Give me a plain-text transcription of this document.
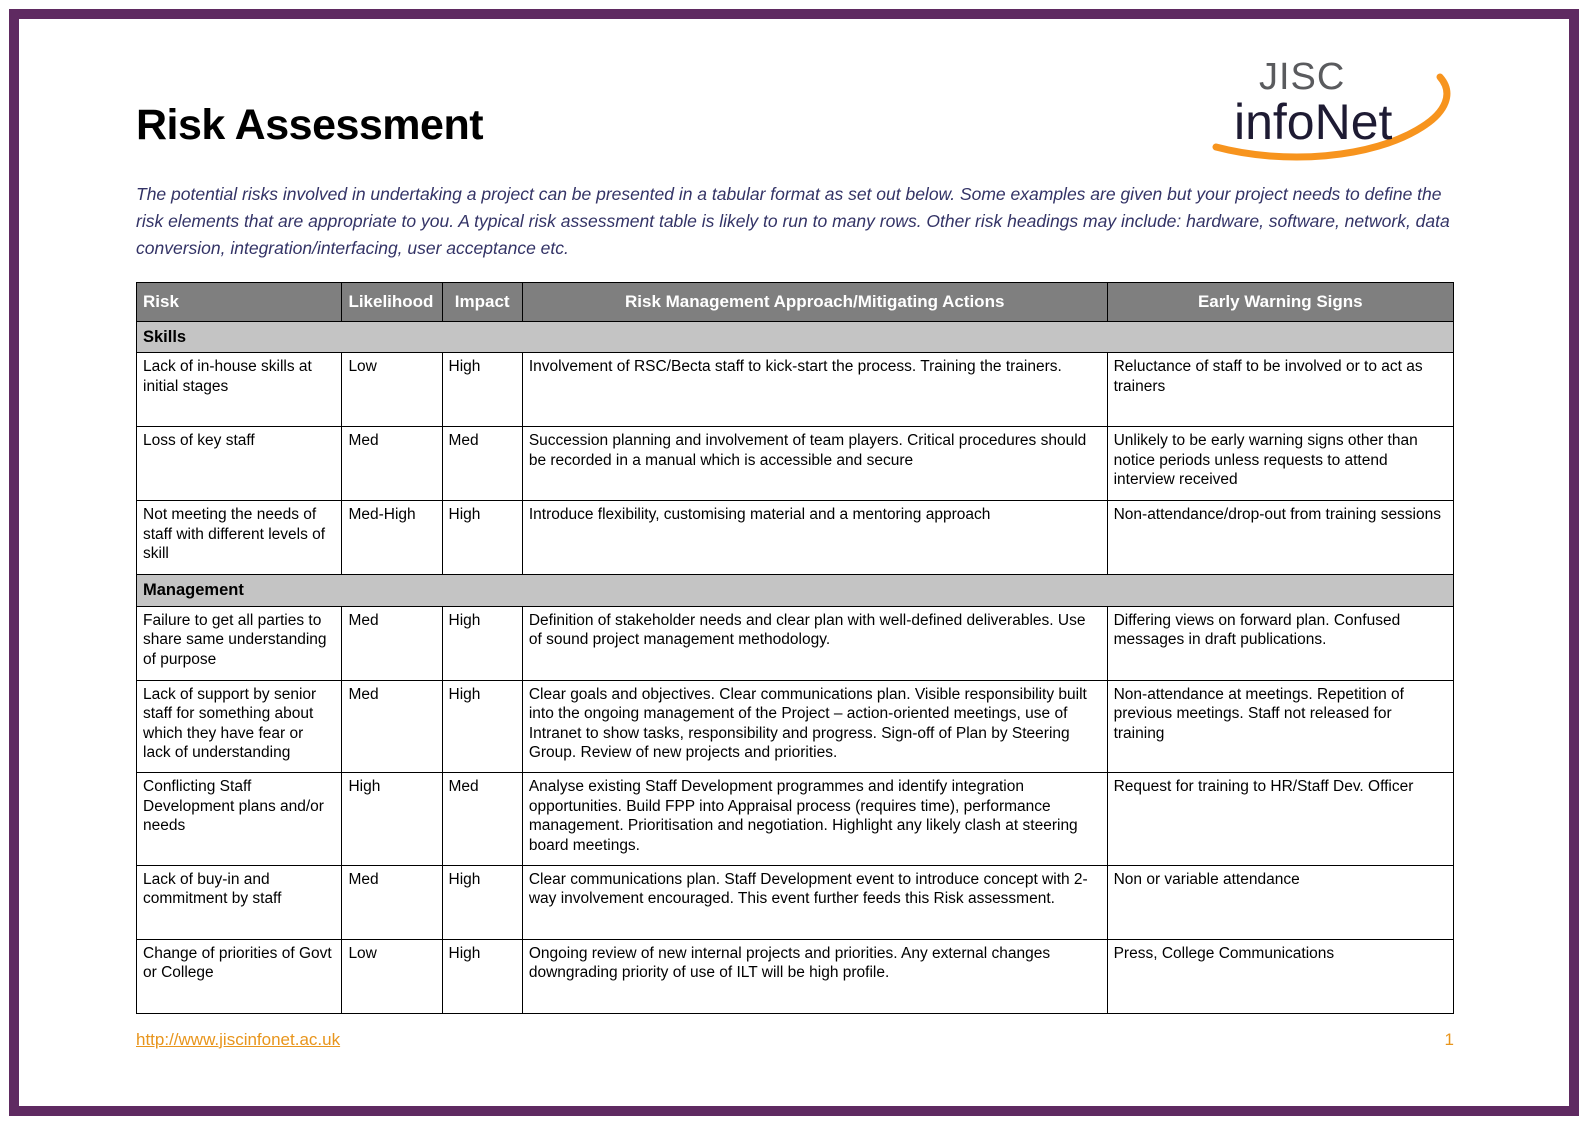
Risk Assessment
JISC
infoNet

The potential risks involved in undertaking a project can be presented in a tabular format as set out below. Some examples are given but your project needs to define the risk elements that are appropriate to you. A typical risk assessment table is likely to run to many rows. Other risk headings may include: hardware, software, network, data conversion, integration/interfacing, user acceptance etc.

Risk	Likelihood	Impact	Risk Management Approach/Mitigating Actions	Early Warning Signs
Skills				
Lack of in-house skills at initial stages	Low	High	Involvement of RSC/Becta staff to kick-start the process. Training the trainers.	Reluctance of staff to be involved or to act as trainers
Loss of key staff	Med	Med	Succession planning and involvement of team players. Critical procedures should be recorded in a manual which is accessible and secure	Unlikely to be early warning signs other than notice periods unless requests to attend interview received
Not meeting the needs of staff with different levels of skill	Med-High	High	Introduce flexibility, customising material and a mentoring approach	Non-attendance/drop-out from training sessions
Management				
Failure to get all parties to share same understanding of purpose	Med	High	Definition of stakeholder needs and clear plan with well-defined deliverables. Use of sound project management methodology.	Differing views on forward plan. Confused messages in draft publications.
Lack of support by senior staff for something about which they have fear or lack of understanding	Med	High	Clear goals and objectives. Clear communications plan. Visible responsibility built into the ongoing management of the Project – action-oriented meetings, use of Intranet to show tasks, responsibility and progress. Sign-off of Plan by Steering Group. Review of new projects and priorities.	Non-attendance at meetings. Repetition of previous meetings. Staff not released for training
Conflicting Staff Development plans and/or needs	High	Med	Analyse existing Staff Development programmes and identify integration opportunities. Build FPP into Appraisal process (requires time), performance management. Prioritisation and negotiation. Highlight any likely clash at steering board meetings.	Request for training to HR/Staff Dev. Officer
Lack of buy-in and commitment by staff	Med	High	Clear communications plan. Staff Development event to introduce concept with 2-way involvement encouraged. This event further feeds this Risk assessment.	Non or variable attendance
Change of priorities of Govt or College	Low	High	Ongoing review of new internal projects and priorities. Any external changes downgrading priority of use of ILT will be high profile.	Press, College Communications
http://www.jiscinfonet.ac.uk	1
